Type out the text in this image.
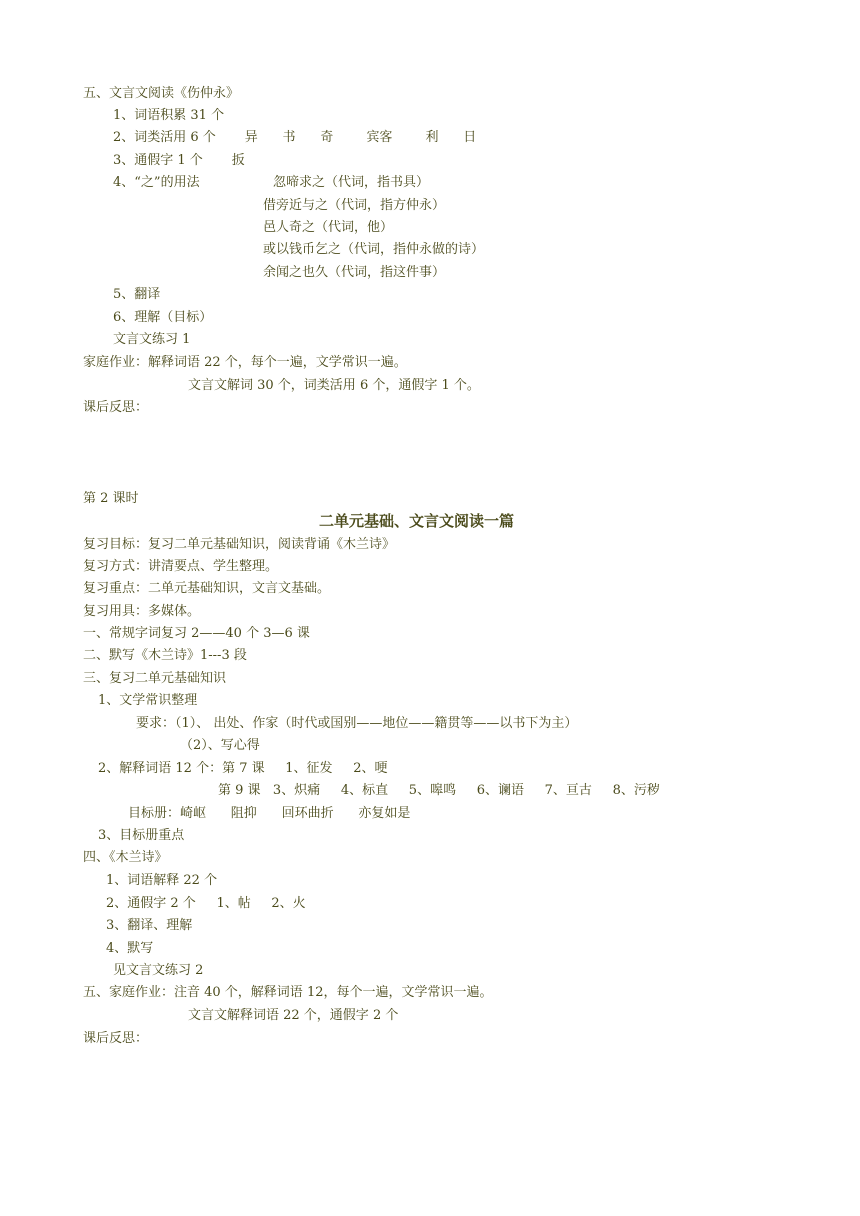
五、文言文阅读《伤仲永》

1、词语积累 31 个

2、词类活用 6 个       异      书      奇        宾客        利      日

3、通假字 1 个       扳

4、“之”的用法	忽啼求之（代词，指书具）

借旁近与之（代词，指方仲永）

邑人奇之（代词，他）

或以钱币乞之（代词，指仲永做的诗）

余闻之也久（代词，指这件事）

5、翻译

6、理解（目标）

文言文练习 1

家庭作业：解释词语 22 个，每个一遍，文学常识一遍。

文言文解词 30 个，词类活用 6 个，通假字 1 个。

课后反思：

第 2 课时

二单元基础、文言文阅读一篇

复习目标：复习二单元基础知识，阅读背诵《木兰诗》

复习方式：讲清要点、学生整理。

复习重点：二单元基础知识，文言文基础。

复习用具：多媒体。

一、常规字词复习 2——40 个 3—6 课

二、默写《木兰诗》1---3 段

三、复习二单元基础知识

1、文学常识整理

要求：（1）、 出处、作家（时代或国别——地位——籍贯等——以书下为主）

（2）、写心得

2、解释词语 12 个：第 7 课     1、征发     2、哽

第 9 课   3、炽痛     4、标直     5、嗥鸣     6、谰语     7、亘古     8、污秽

目标册：崎岖      阻抑      回环曲折      亦复如是

3、目标册重点

四、《木兰诗》

1、词语解释 22 个

2、通假字 2 个     1、帖     2、火

3、翻译、理解

4、默写

见文言文练习 2

五、家庭作业：注音 40 个，解释词语 12，每个一遍，文学常识一遍。

文言文解释词语 22 个，通假字 2 个

课后反思：
